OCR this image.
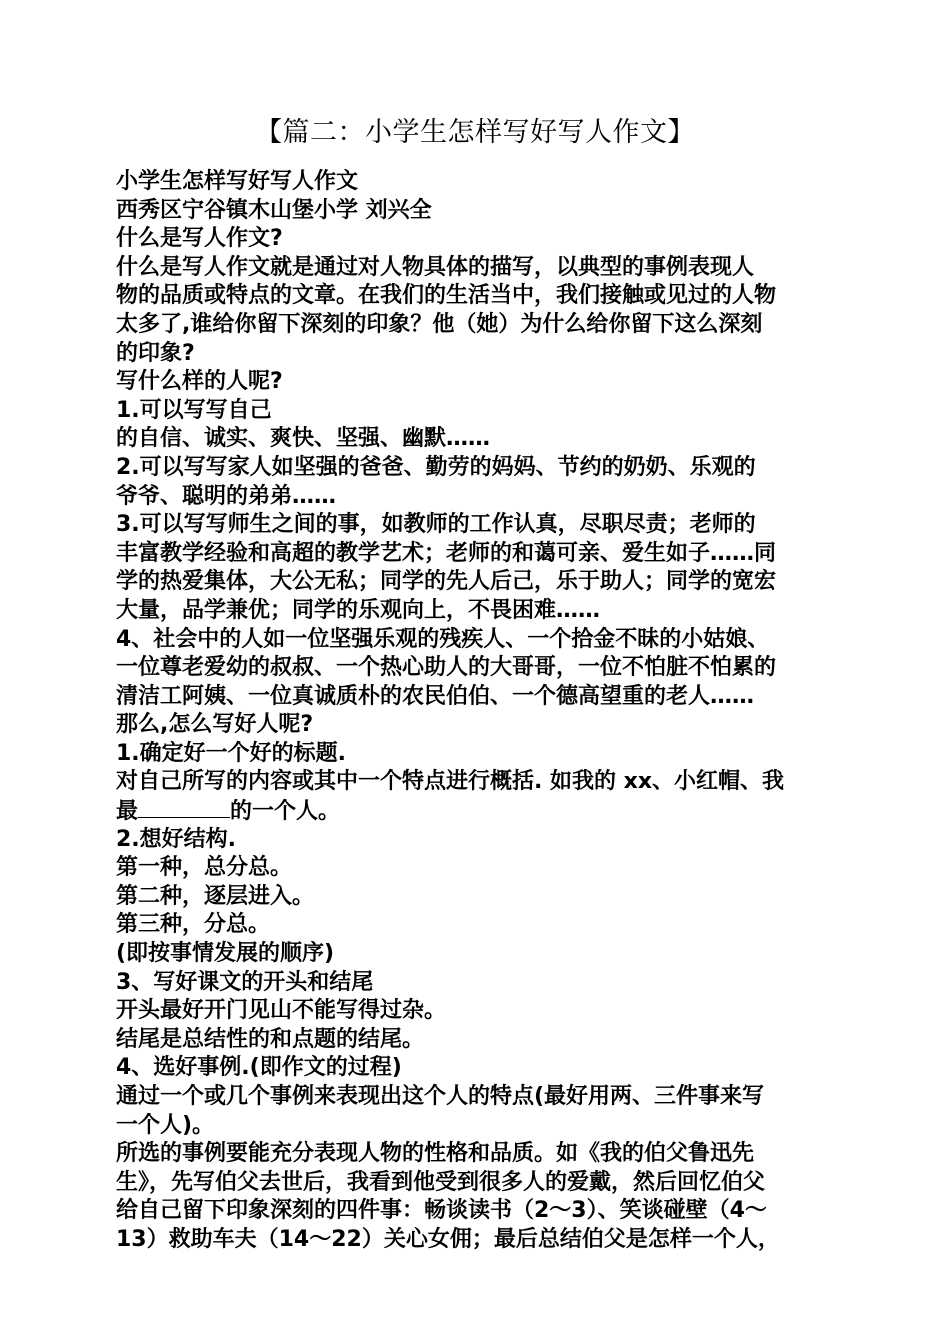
【篇二：小学生怎样写好写人作文】
小学生怎样写好写人作文
西秀区宁谷镇木山堡小学 刘兴全
什么是写人作文?
什么是写人作文就是通过对人物具体的描写，以典型的事例表现人
物的品质或特点的文章。在我们的生活当中，我们接触或见过的人物
太多了,谁给你留下深刻的印象？他（她）为什么给你留下这么深刻
的印象?
写什么样的人呢?
1.可以写写自己
的自信、诚实、爽快、坚强、幽默……
2.可以写写家人如坚强的爸爸、勤劳的妈妈、节约的奶奶、乐观的
爷爷、聪明的弟弟……
3.可以写写师生之间的事，如教师的工作认真，尽职尽责；老师的
丰富教学经验和高超的教学艺术；老师的和蔼可亲、爱生如子……同
学的热爱集体，大公无私；同学的先人后己，乐于助人；同学的宽宏
大量，品学兼优；同学的乐观向上，不畏困难……
4、社会中的人如一位坚强乐观的残疾人、一个拾金不昧的小姑娘、
一位尊老爱幼的叔叔、一个热心助人的大哥哥，一位不怕脏不怕累的
清洁工阿姨、一位真诚质朴的农民伯伯、一个德高望重的老人……
那么,怎么写好人呢?
1.确定好一个好的标题.
对自己所写的内容或其中一个特点进行概括. 如我的 xx、小红帽、我
最	的一个人。
2.想好结构.
第一种，总分总。
第二种，逐层进入。
第三种，分总。
(即按事情发展的顺序)
3、写好课文的开头和结尾
开头最好开门见山不能写得过杂。
结尾是总结性的和点题的结尾。
4、选好事例.(即作文的过程)
通过一个或几个事例来表现出这个人的特点(最好用两、三件事来写
一个人)。
所选的事例要能充分表现人物的性格和品质。如《我的伯父鲁迅先
生》，先写伯父去世后，我看到他受到很多人的爱戴，然后回忆伯父
给自己留下印象深刻的四件事：畅谈读书（2～3）、笑谈碰壁（4～
13）救助车夫（14～22）关心女佣；最后总结伯父是怎样一个人，
